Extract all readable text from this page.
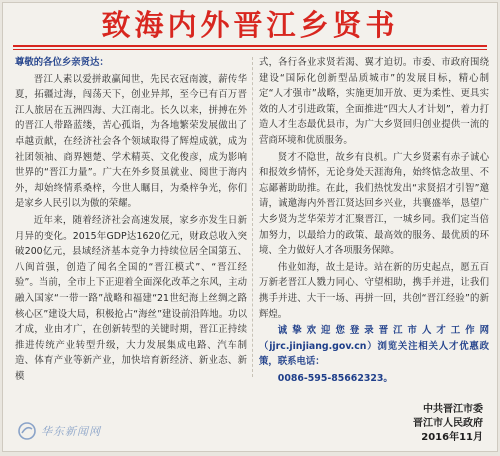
致海内外晋江乡贤书

尊敬的各位乡亲贤达：

晋江人素以爱拼敢赢闻世，先民衣冠南渡，薪传华夏，拓疆过海，闯荡天下，创业异邦，至今已有百万晋江人旅居在五洲四海、大江南北。长久以来，拼搏在外的晋江人带路蓝缕，苦心孤诣，为各地繁荣发展做出了卓越贡献，在经济社会各个领域取得了辉煌成就，成为社团领袖、商界翘楚、学术精英、文化俊彦，成为影响世界的“晋江力量”。广大在外乡贤虽就业、阅世于海内外，却始终情系桑梓，今世人瞩目，为桑梓争光，你们是家乡人民引以为傲的荣耀。

近年来，随着经济社会高速发展，家乡亦发生日新月异的变化。2015年GDP达1620亿元，财政总收入突破200亿元，县域经济基本竞争力持续位居全国第五、八闽首强，创造了闻名全国的“晋江模式”、“晋江经验”。当前，全市上下正迎着全面深化改革之东风，主动融入国家“一带一路”战略和福建“21世纪海上丝绸之路核心区”建设大局，积极抢占“海丝”建设前沿阵地。功以才成，业由才广，在创新转型的关键时期，晋江正持续推进传统产业转型升级，大力发展集成电路、汽车制造、体育产业等新产业，加快培育新经济、新业态、新模

式，各行各业求贤若渴、翼才迫切。市委、市政府围绕建设“国际化创新型品质城市”的发展目标，精心制定“人才强市”战略，实施更加开放、更为柔性、更具实效的人才引进政策，全面推进“四大人才计划”，着力打造人才生态最优县市，为广大乡贤回归创业提供一流的营商环境和优质服务。

贤才不隐世，故乡有良机。广大乡贤素有赤子诚心和报效乡情怀，无论身处天涯海角，始终惦念故里、不忘鄙蓄助助推。在此，我们热忱发出“求贤招才引智”邀请，诚邀海内外晋江贤达回乡兴业，共襄盛举，恳望广大乡贤为芝华荣芳才汇聚晋江，一城乡同。我们定当倍加努力，以最给力的政策、最高效的服务、最优质的环境、全力做好人才各项服务保障。

伟业如海，故土是诗。站在新的历史起点，愿五百万新老晋江人戮力同心、守望相助，携手并进，让我们携手并进、大干一场、再拼一回，共创“晋江经验”的新辉煌。

诚挚欢迎您登录晋江市人才工作网（jjrc.jinjiang.gov.cn）浏览关注相关人才优惠政策，联系电话：

0086-595-85662323。

中共晋江市委
晋江市人民政府
2016年11月
华东新闻网
